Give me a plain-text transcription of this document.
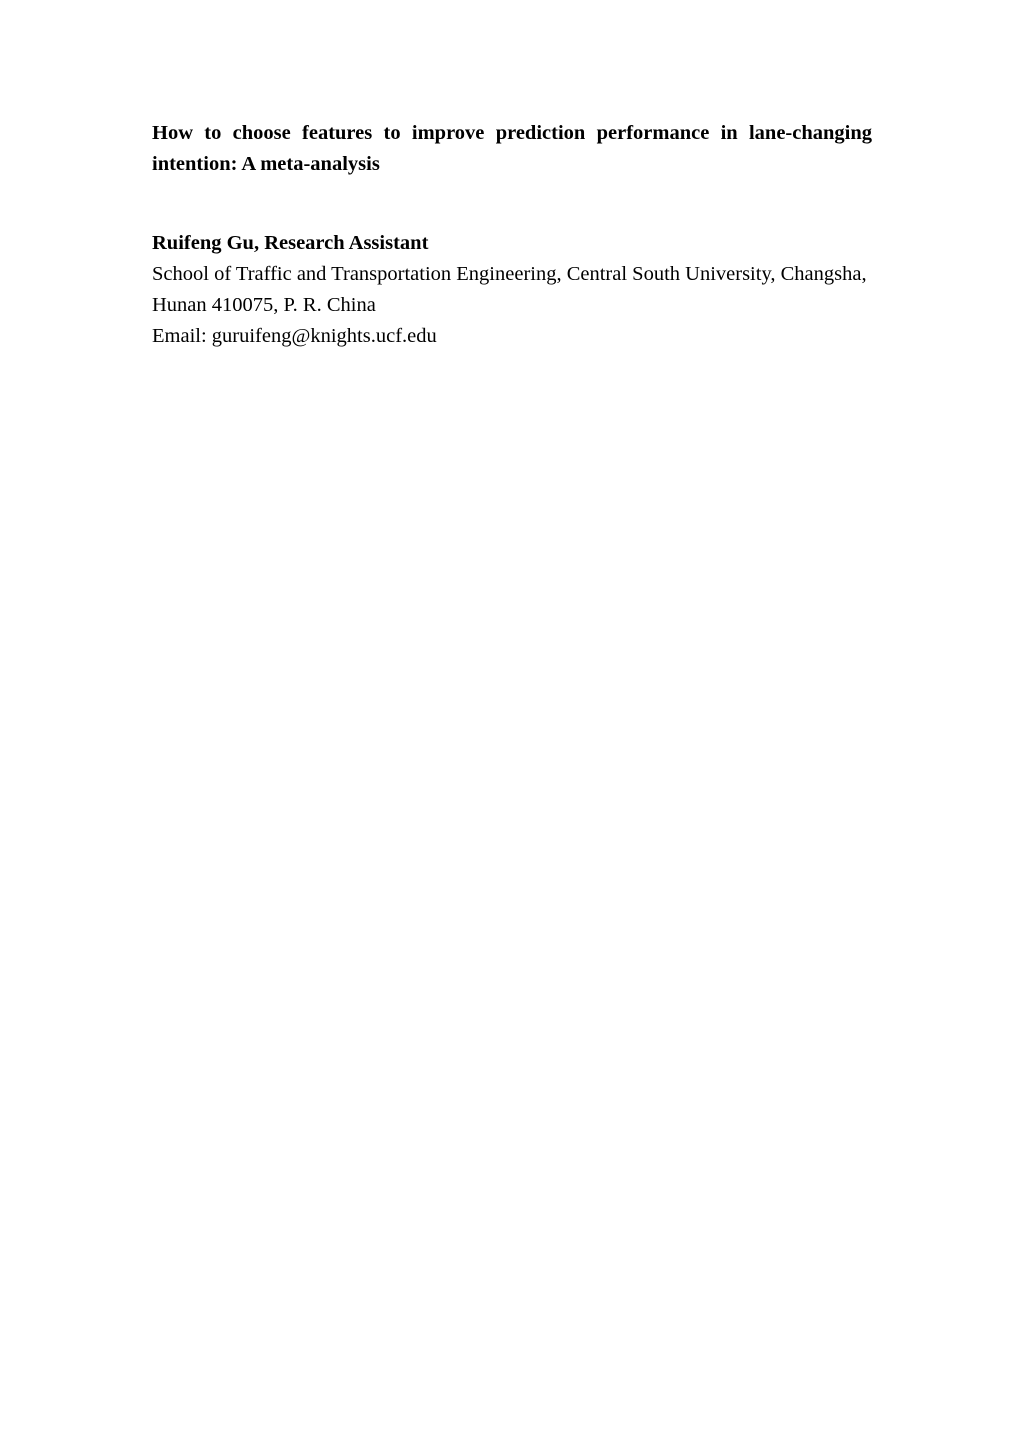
How to choose features to improve prediction performance in lane-changing
intention: A meta-analysis

Ruifeng Gu, Research Assistant

School of Traffic and Transportation Engineering, Central South University, Changsha,
Hunan 410075, P. R. China

Email: guruifeng@knights.ucf.edu
